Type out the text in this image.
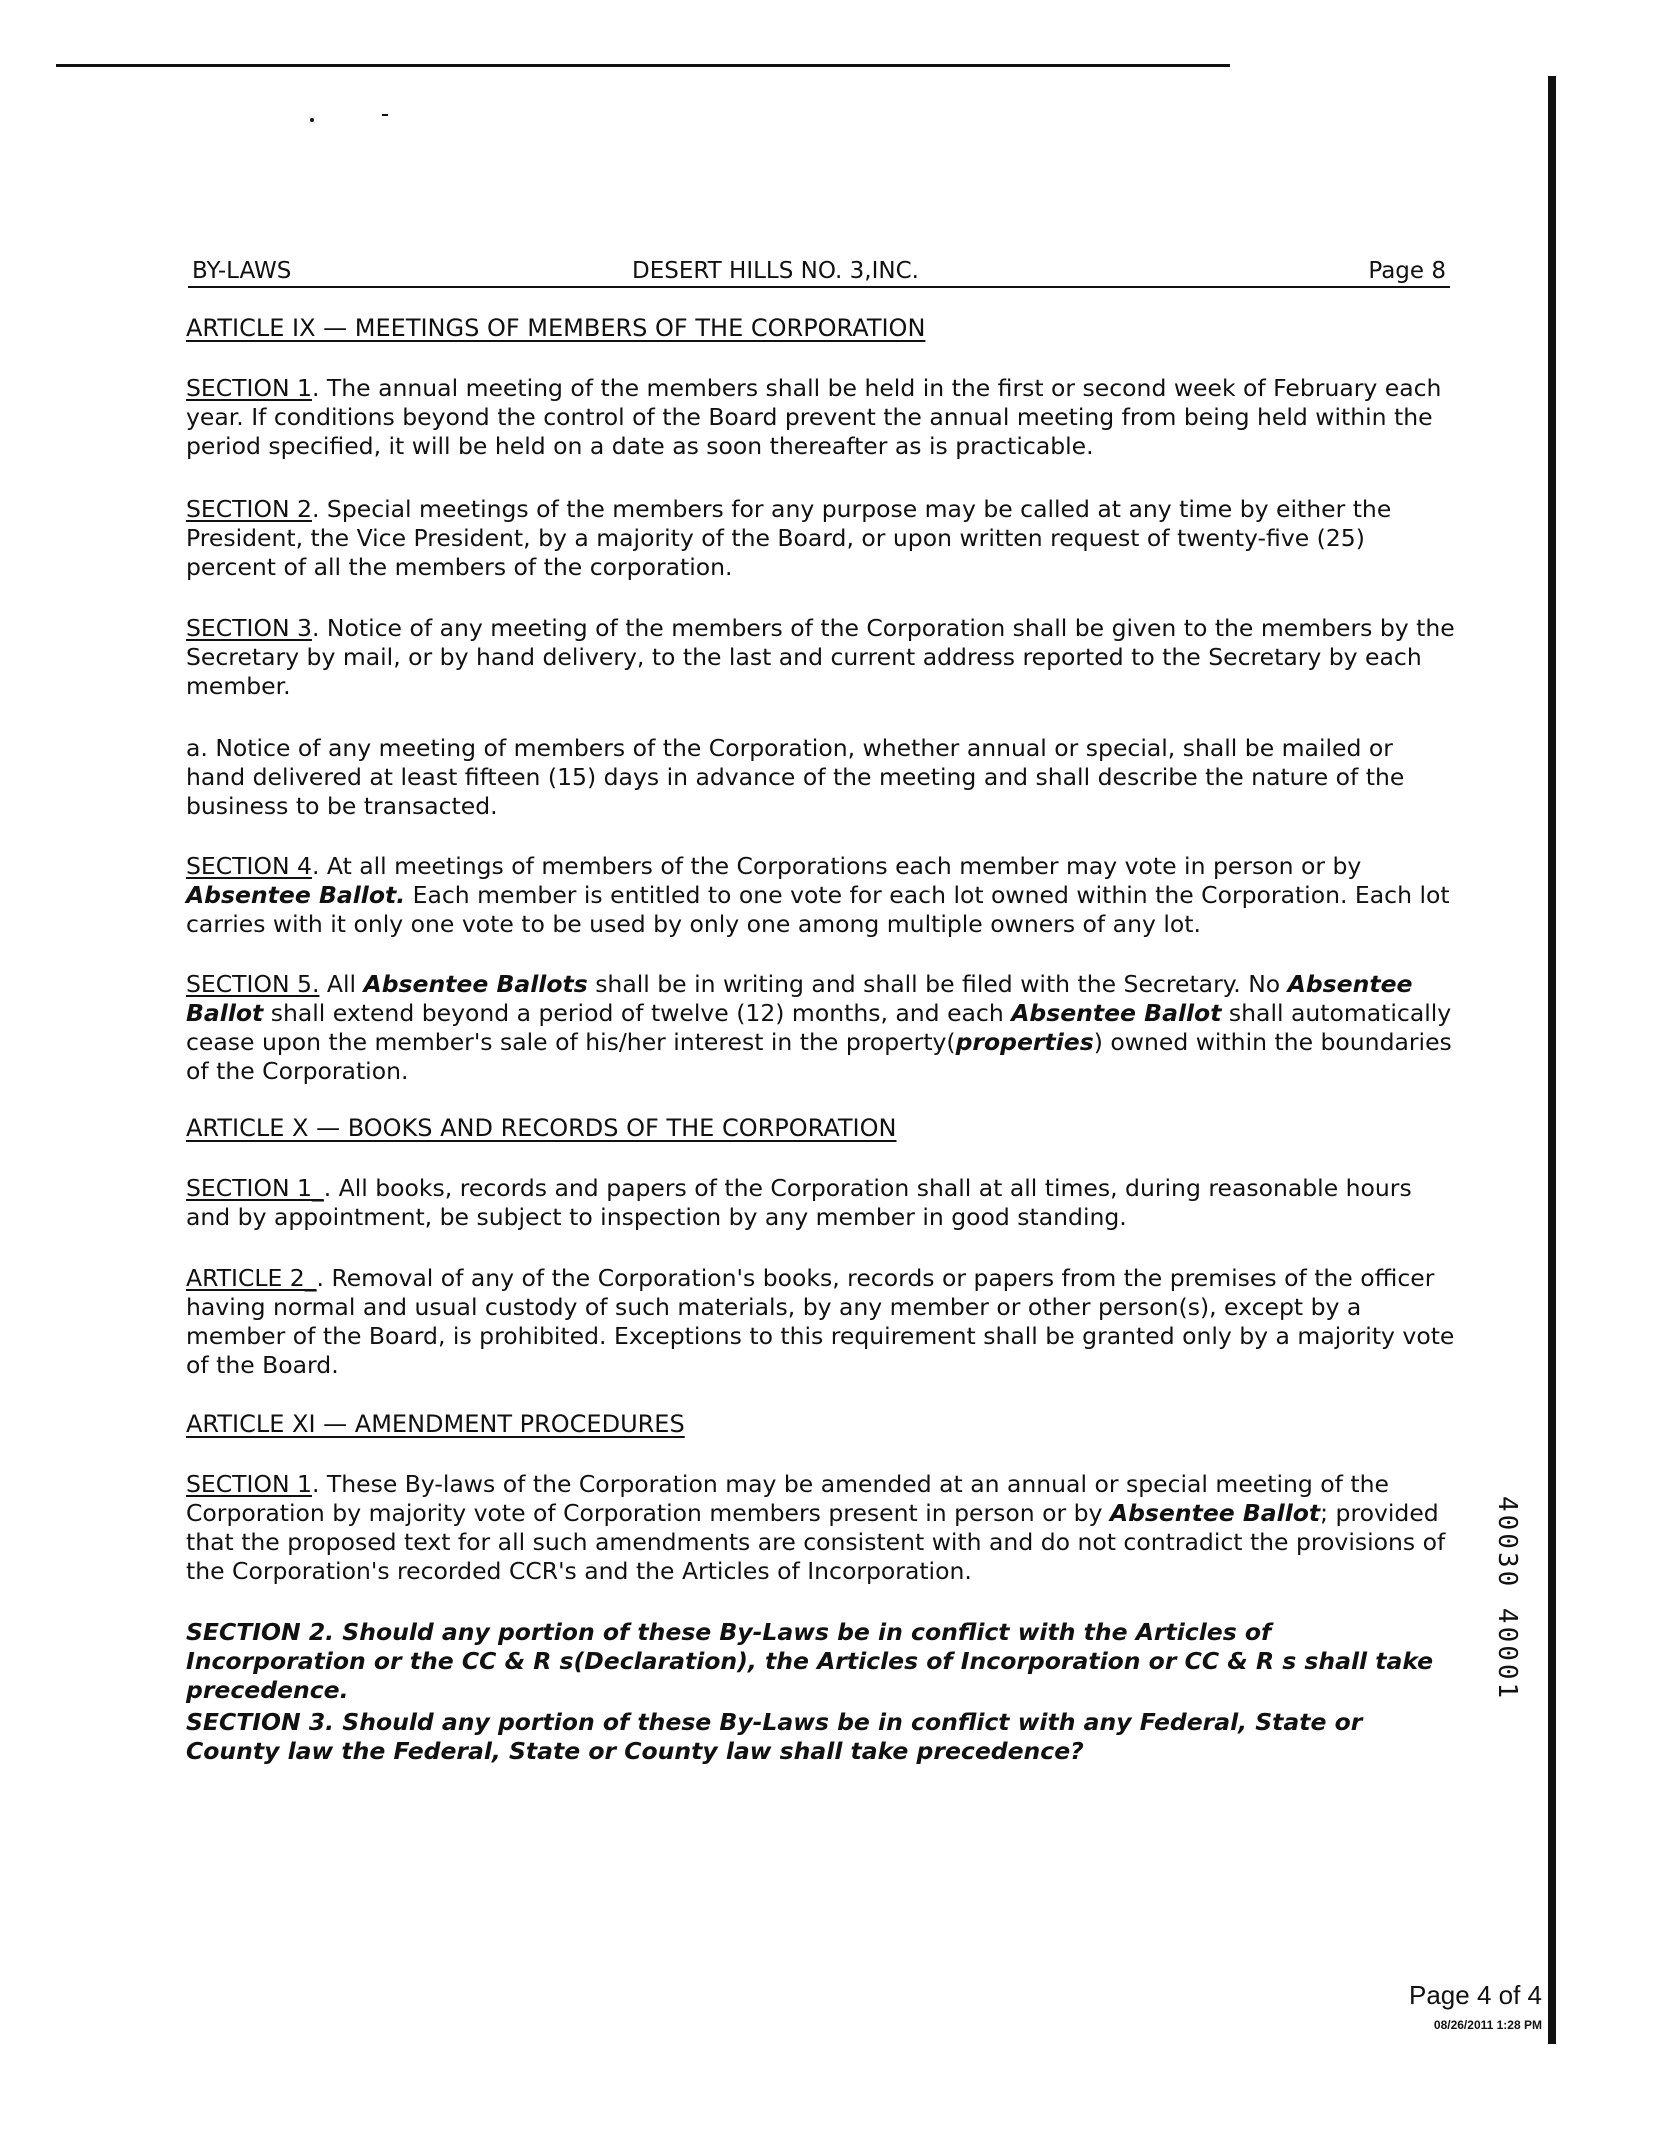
BY-LAWS	DESERT HILLS NO. 3,INC.	Page 8
ARTICLE IX — MEETINGS OF MEMBERS OF THE CORPORATION
SECTION 1. The annual meeting of the members shall be held in the first or second week of February each year. If conditions beyond the control of the Board prevent the annual meeting from being held within the period specified, it will be held on a date as soon thereafter as is practicable.
SECTION 2. Special meetings of the members for any purpose may be called at any time by either the President, the Vice President, by a majority of the Board, or upon written request of twenty-five (25) percent of all the members of the corporation.
SECTION 3. Notice of any meeting of the members of the Corporation shall be given to the members by the Secretary by mail, or by hand delivery, to the last and current address reported to the Secretary by each member.
a. Notice of any meeting of members of the Corporation, whether annual or special, shall be mailed or hand delivered at least fifteen (15) days in advance of the meeting and shall describe the nature of the business to be transacted.
SECTION 4. At all meetings of members of the Corporations each member may vote in person or by Absentee Ballot. Each member is entitled to one vote for each lot owned within the Corporation. Each lot carries with it only one vote to be used by only one among multiple owners of any lot.
SECTION 5. All Absentee Ballots shall be in writing and shall be filed with the Secretary. No Absentee Ballot shall extend beyond a period of twelve (12) months, and each Absentee Ballot shall automatically cease upon the member's sale of his/her interest in the property(properties) owned within the boundaries of the Corporation.
ARTICLE X — BOOKS AND RECORDS OF THE CORPORATION
SECTION 1_. All books, records and papers of the Corporation shall at all times, during reasonable hours and by appointment, be subject to inspection by any member in good standing.
ARTICLE 2_. Removal of any of the Corporation's books, records or papers from the premises of the officer having normal and usual custody of such materials, by any member or other person(s), except by a member of the Board, is prohibited. Exceptions to this requirement shall be granted only by a majority vote of the Board.
ARTICLE XI — AMENDMENT PROCEDURES
SECTION 1. These By-laws of the Corporation may be amended at an annual or special meeting of the Corporation by majority vote of Corporation members present in person or by Absentee Ballot; provided that the proposed text for all such amendments are consistent with and do not contradict the provisions of the Corporation's recorded CCR's and the Articles of Incorporation.
SECTION 2. Should any portion of these By-Laws be in conflict with the Articles of Incorporation or the CC & R s(Declaration), the Articles of Incorporation or CC & R s shall take precedence.
SECTION 3. Should any portion of these By-Laws be in conflict with any Federal, State or County law the Federal, State or County law shall take precedence?
40030 40001
Page 4 of 4
08/26/2011 1:28 PM
